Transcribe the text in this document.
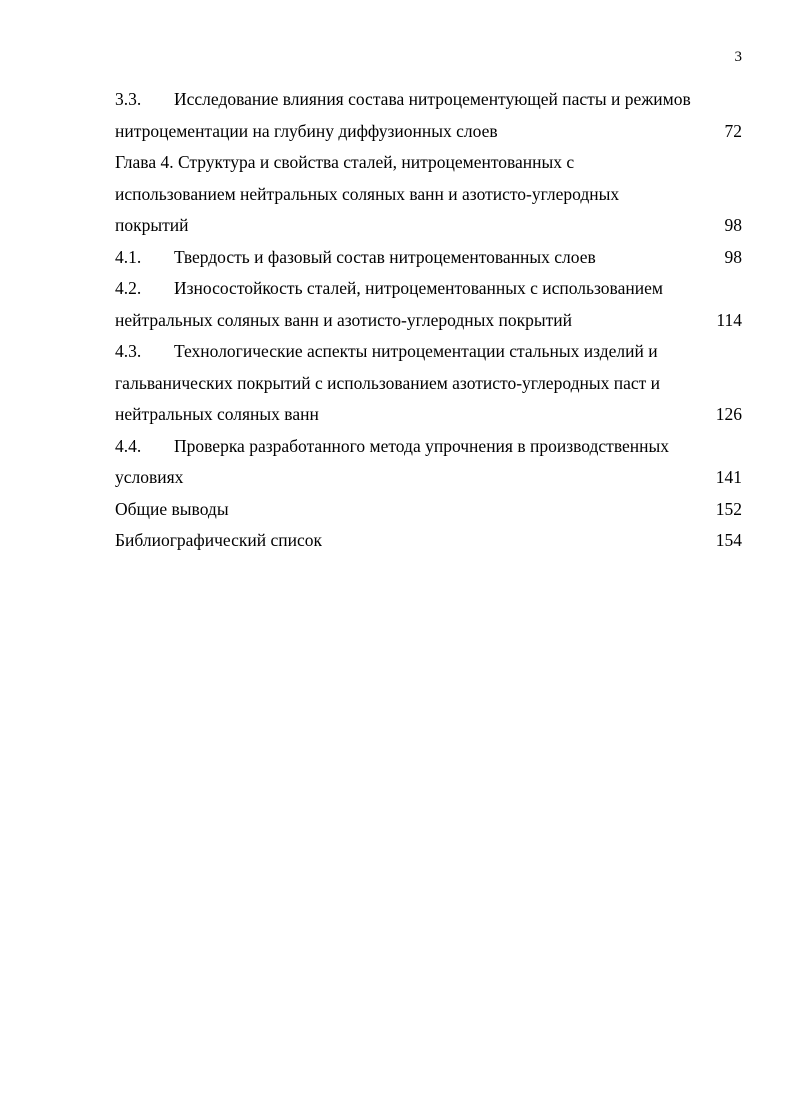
3
3.3. Исследование влияния состава нитроцементующей пасты и режимов
нитроцементации на глубину диффузионных слоев	72
Глава 4. Структура и свойства сталей, нитроцементованных с
использованием нейтральных соляных ванн и азотисто-углеродных
покрытий	98
4.1. Твердость и фазовый состав нитроцементованных слоев	98
4.2. Износостойкость сталей, нитроцементованных с использованием
нейтральных соляных ванн и азотисто-углеродных покрытий	114
4.3. Технологические аспекты нитроцементации стальных изделий и
гальванических покрытий с использованием азотисто-углеродных паст и
нейтральных соляных ванн	126
4.4. Проверка разработанного метода упрочнения в производственных
условиях	141
Общие выводы	152
Библиографический список	154
